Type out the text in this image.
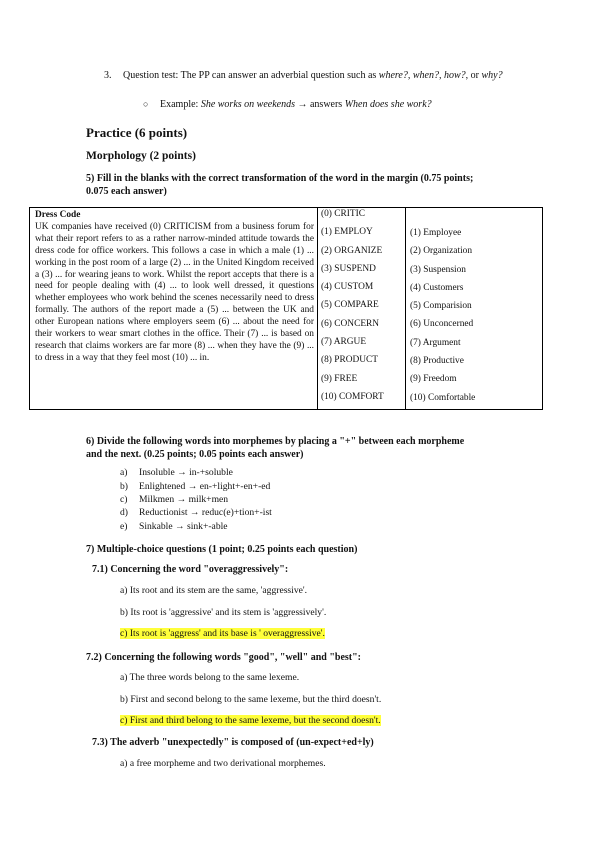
3. Question test: The PP can answer an adverbial question such as where?, when?, how?, or why?
○ Example: She works on weekends → answers When does she work?
Practice (6 points)
Morphology (2 points)
5) Fill in the blanks with the correct transformation of the word in the margin (0.75 points;
0.075 each answer)
Dress Code
UK companies have received (0) CRITICISM from a business forum for what their report refers to as a rather narrow-minded attitude towards the dress code for office workers. This follows a case in which a male (1) ... working in the post room of a large (2) ... in the United Kingdom received a (3) ... for wearing jeans to work. Whilst the report accepts that there is a need for people dealing with (4) ... to look well dressed, it questions whether employees who work behind the scenes necessarily need to dress formally. The authors of the report made a (5) ... between the UK and other European nations where employers seem (6) ... about the need for their workers to wear smart clothes in the office. Their (7) ... is based on research that claims workers are far more (8) ... when they have the (9) ... to dress in a way that they feel most (10) ... in.
(0) CRITIC
(1) EMPLOY
(2) ORGANIZE
(3) SUSPEND
(4) CUSTOM
(5) COMPARE
(6) CONCERN
(7) ARGUE
(8) PRODUCT
(9) FREE
(10) COMFORT
(1) Employee
(2) Organization
(3) Suspension
(4) Customers
(5) Comparision
(6) Unconcerned
(7) Argument
(8) Productive
(9) Freedom
(10) Comfortable
6) Divide the following words into morphemes by placing a "+" between each morpheme
and the next. (0.25 points; 0.05 points each answer)
a) Insoluble → in-+soluble
b) Enlightened → en-+light+-en+-ed
c) Milkmen → milk+men
d) Reductionist → reduc(e)+tion+-ist
e) Sinkable → sink+-able
7) Multiple-choice questions (1 point; 0.25 points each question)
7.1) Concerning the word "overaggressively":
a) Its root and its stem are the same, 'aggressive'.
b) Its root is 'aggressive' and its stem is 'aggressively'.
c) Its root is 'aggress' and its base is ' overaggressive'.
7.2) Concerning the following words "good", "well" and "best":
a) The three words belong to the same lexeme.
b) First and second belong to the same lexeme, but the third doesn't.
c) First and third belong to the same lexeme, but the second doesn't.
7.3) The adverb "unexpectedly" is composed of (un-expect+ed+ly)
a) a free morpheme and two derivational morphemes.
